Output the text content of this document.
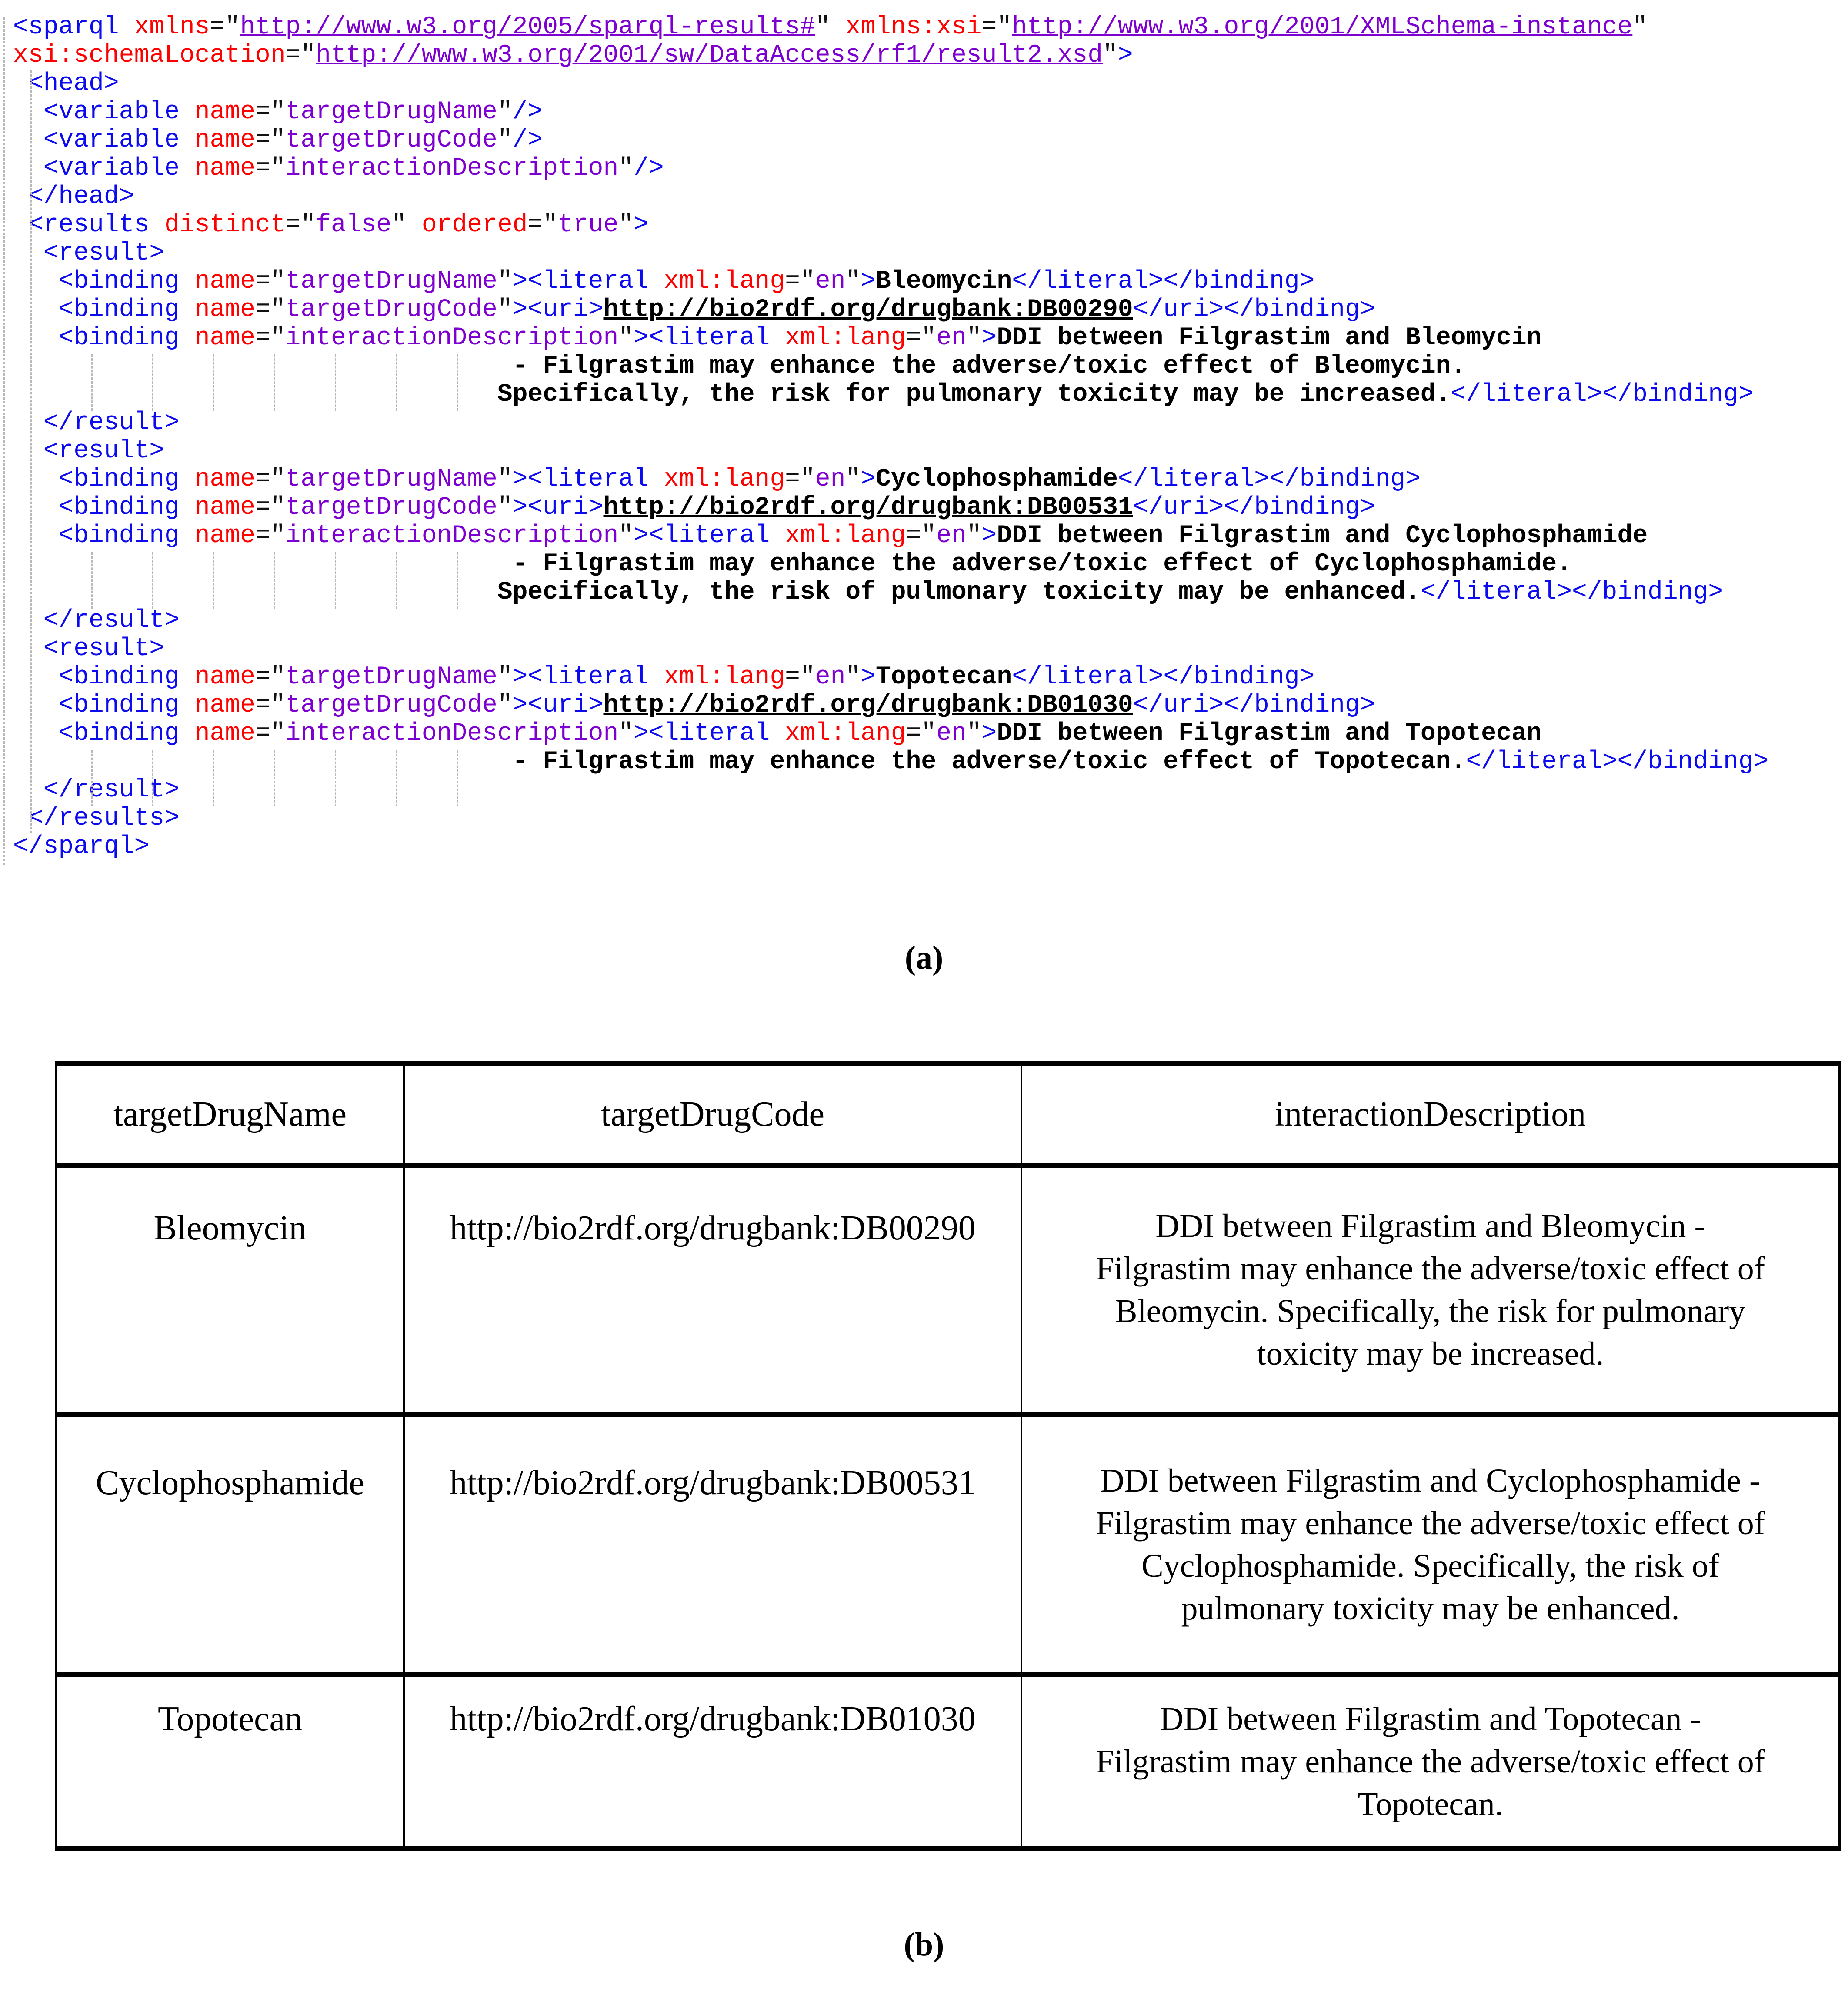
<sparql xmlns="http://www.w3.org/2005/sparql-results#" xmlns:xsi="http://www.w3.org/2001/XMLSchema-instance"
xsi:schemaLocation="http://www.w3.org/2001/sw/DataAccess/rf1/result2.xsd">
<head>
<variable name="targetDrugName"/>
<variable name="targetDrugCode"/>
<variable name="interactionDescription"/>
</head>
<results distinct="false" ordered="true">
<result>
<binding name="targetDrugName"><literal xml:lang="en">Bleomycin</literal></binding>
<binding name="targetDrugCode"><uri>http://bio2rdf.org/drugbank:DB00290</uri></binding>
<binding name="interactionDescription"><literal xml:lang="en">DDI between Filgrastim and Bleomycin
- Filgrastim may enhance the adverse/toxic effect of Bleomycin.
Specifically, the risk for pulmonary toxicity may be increased.</literal></binding>
</result>
<result>
<binding name="targetDrugName"><literal xml:lang="en">Cyclophosphamide</literal></binding>
<binding name="targetDrugCode"><uri>http://bio2rdf.org/drugbank:DB00531</uri></binding>
<binding name="interactionDescription"><literal xml:lang="en">DDI between Filgrastim and Cyclophosphamide
- Filgrastim may enhance the adverse/toxic effect of Cyclophosphamide.
Specifically, the risk of pulmonary toxicity may be enhanced.</literal></binding>
</result>
<result>
<binding name="targetDrugName"><literal xml:lang="en">Topotecan</literal></binding>
<binding name="targetDrugCode"><uri>http://bio2rdf.org/drugbank:DB01030</uri></binding>
<binding name="interactionDescription"><literal xml:lang="en">DDI between Filgrastim and Topotecan
- Filgrastim may enhance the adverse/toxic effect of Topotecan.</literal></binding>
</result>
</results>
</sparql>
(a)
targetDrugName	targetDrugCode	interactionDescription
Bleomycin	http://bio2rdf.org/drugbank:DB00290	DDI between Filgrastim and Bleomycin -
Filgrastim may enhance the adverse/toxic effect of
Bleomycin. Specifically, the risk for pulmonary
toxicity may be increased.
Cyclophosphamide	http://bio2rdf.org/drugbank:DB00531	DDI between Filgrastim and Cyclophosphamide -
Filgrastim may enhance the adverse/toxic effect of
Cyclophosphamide. Specifically, the risk of
pulmonary toxicity may be enhanced.
Topotecan	http://bio2rdf.org/drugbank:DB01030	DDI between Filgrastim and Topotecan -
Filgrastim may enhance the adverse/toxic effect of
Topotecan.
(b)
